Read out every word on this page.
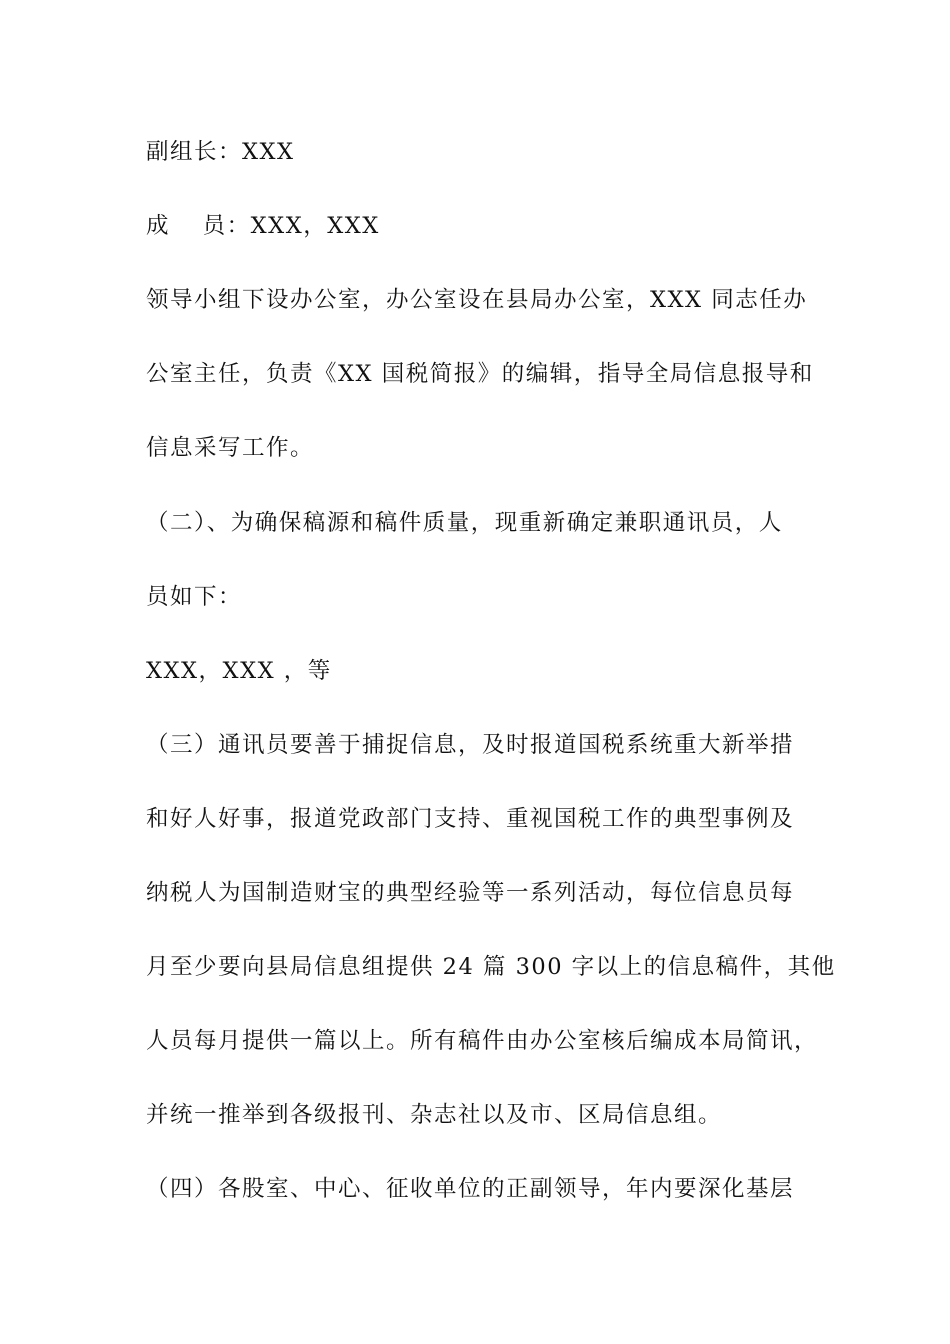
副组长：XXX
成　 员：XXX，XXX
领导小组下设办公室，办公室设在县局办公室，XXX 同志任办
公室主任，负责《XX 国税简报》的编辑，指导全局信息报导和
信息采写工作。
（二）、为确保稿源和稿件质量，现重新确定兼职通讯员，人
员如下：
XXX，XXX ，等
（三）通讯员要善于捕捉信息，及时报道国税系统重大新举措
和好人好事，报道党政部门支持、重视国税工作的典型事例及
纳税人为国制造财宝的典型经验等一系列活动，每位信息员每
月至少要向县局信息组提供 24 篇 300 字以上的信息稿件，其他
人员每月提供一篇以上。所有稿件由办公室核后编成本局简讯，
并统一推举到各级报刊、杂志社以及市、区局信息组。
（四）各股室、中心、征收单位的正副领导，年内要深化基层
